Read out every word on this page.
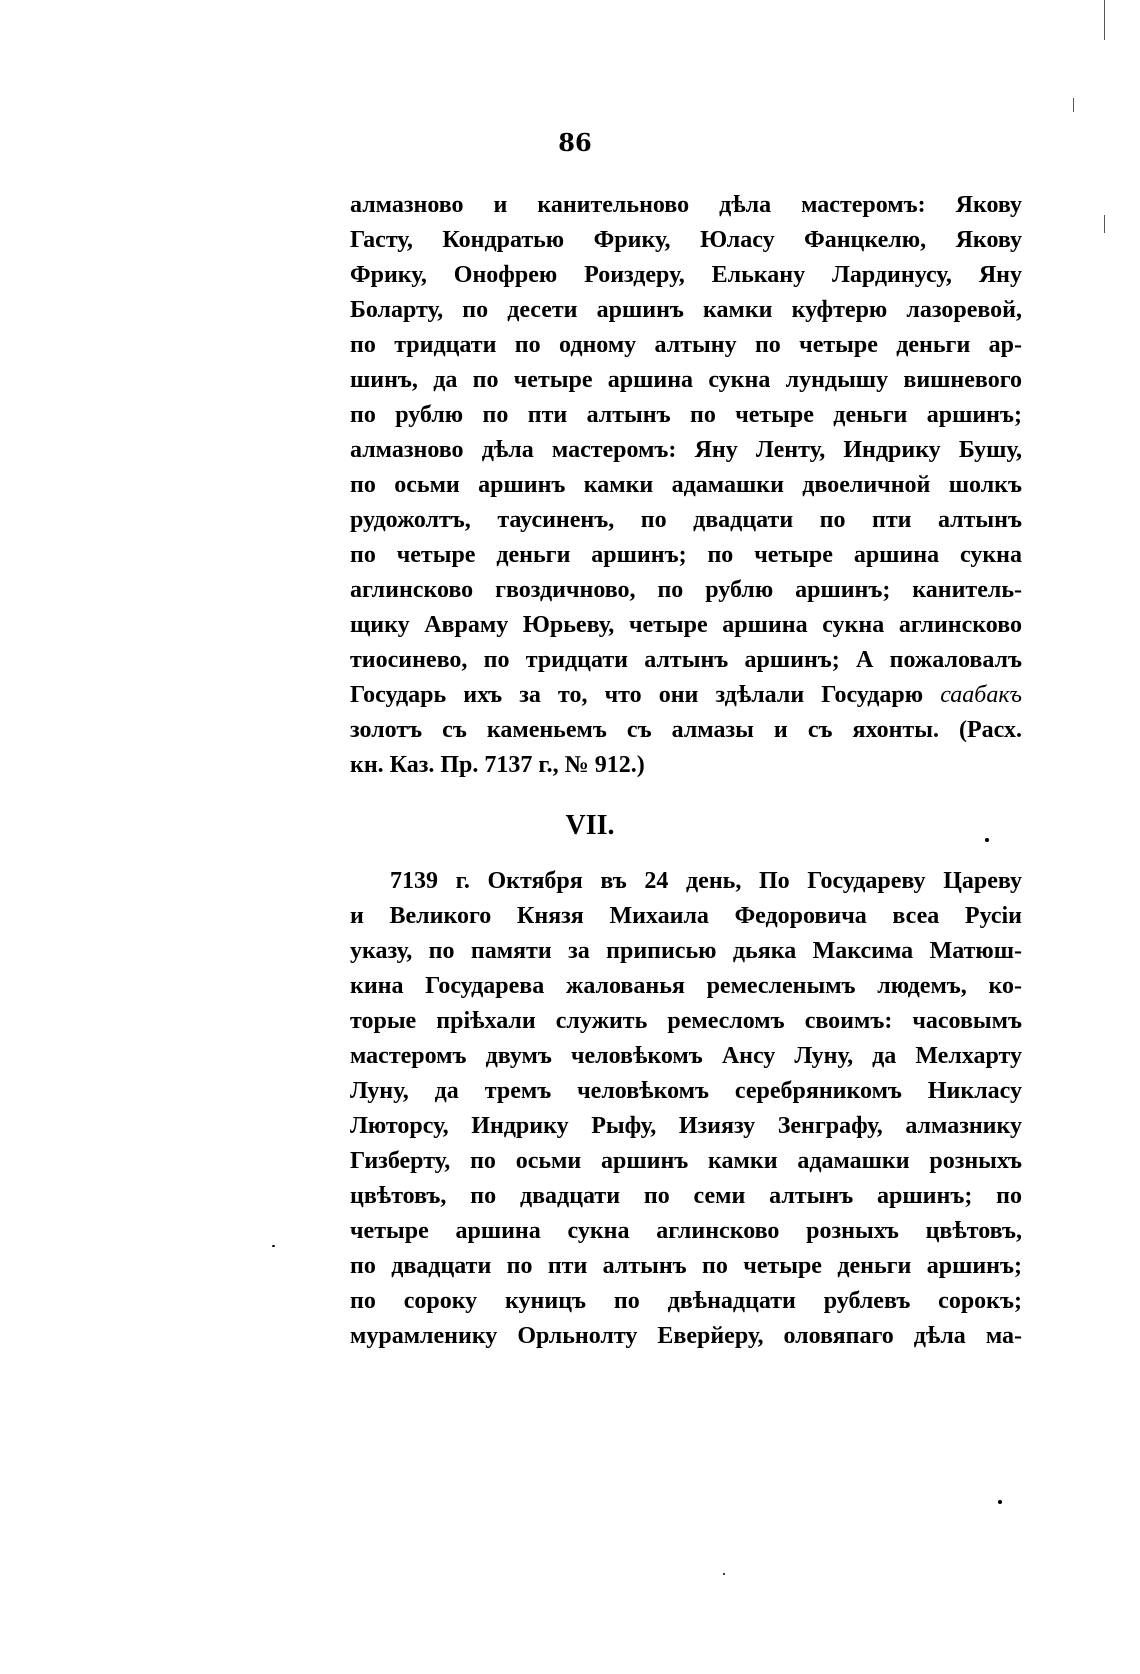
86
алмазново и канительново дѣла мастеромъ: Якову
Гасту, Кондратью Фрику, Юласу Фанцкелю, Якову
Фрику, Онофрею Роиздеру, Елькану Лардинусу, Яну
Боларту, по десети аршинъ камки куфтерю лазоревой,
по тридцати по одному алтыну по четыре деньги ар-
шинъ, да по четыре аршина сукна лундышу вишневого
по рублю по пти алтынъ по четыре деньги аршинъ;
алмазново дѣла мастеромъ: Яну Ленту, Индрику Бушу,
по осьми аршинъ камки адамашки двоеличной шолкъ
рудожолтъ, таусиненъ, по двадцати по пти алтынъ
по четыре деньги аршинъ; по четыре аршина сукна
аглинсково гвоздичново, по рублю аршинъ; канитель-
щику Авраму Юрьеву, четыре аршина сукна аглинсково
тиосинево, по тридцати алтынъ аршинъ; А пожаловалъ
Государь ихъ за то, что они здѣлали Государю саабакъ
золотъ съ каменьемъ съ алмазы и съ яхонты. (Расх.
кн. Каз. Пр. 7137 г., № 912.)
VII.
7139 г. Октября въ 24 день, По Государеву Цареву
и Великого Князя Михаила Федоровича всеа Русіи
указу, по памяти за приписью дьяка Максима Матюш-
кина Государева жалованья ремесленымъ людемъ, ко-
торые пріѣхали служить ремесломъ своимъ: часовымъ
мастеромъ двумъ человѣкомъ Ансу Луну, да Мелхарту
Луну, да тремъ человѣкомъ серебряникомъ Никласу
Люторсу, Индрику Рыфу, Изиязу Зенграфу, алмазнику
Гизберту, по осьми аршинъ камки адамашки розныхъ
цвѣтовъ, по двадцати по семи алтынъ аршинъ; по
четыре аршина сукна аглинсково розныхъ цвѣтовъ,
по двадцати по пти алтынъ по четыре деньги аршинъ;
по сороку куницъ по двѣнадцати рублевъ сорокъ;
мурамленику Орльнолту Еверйеру, оловяпаго дѣла ма-
